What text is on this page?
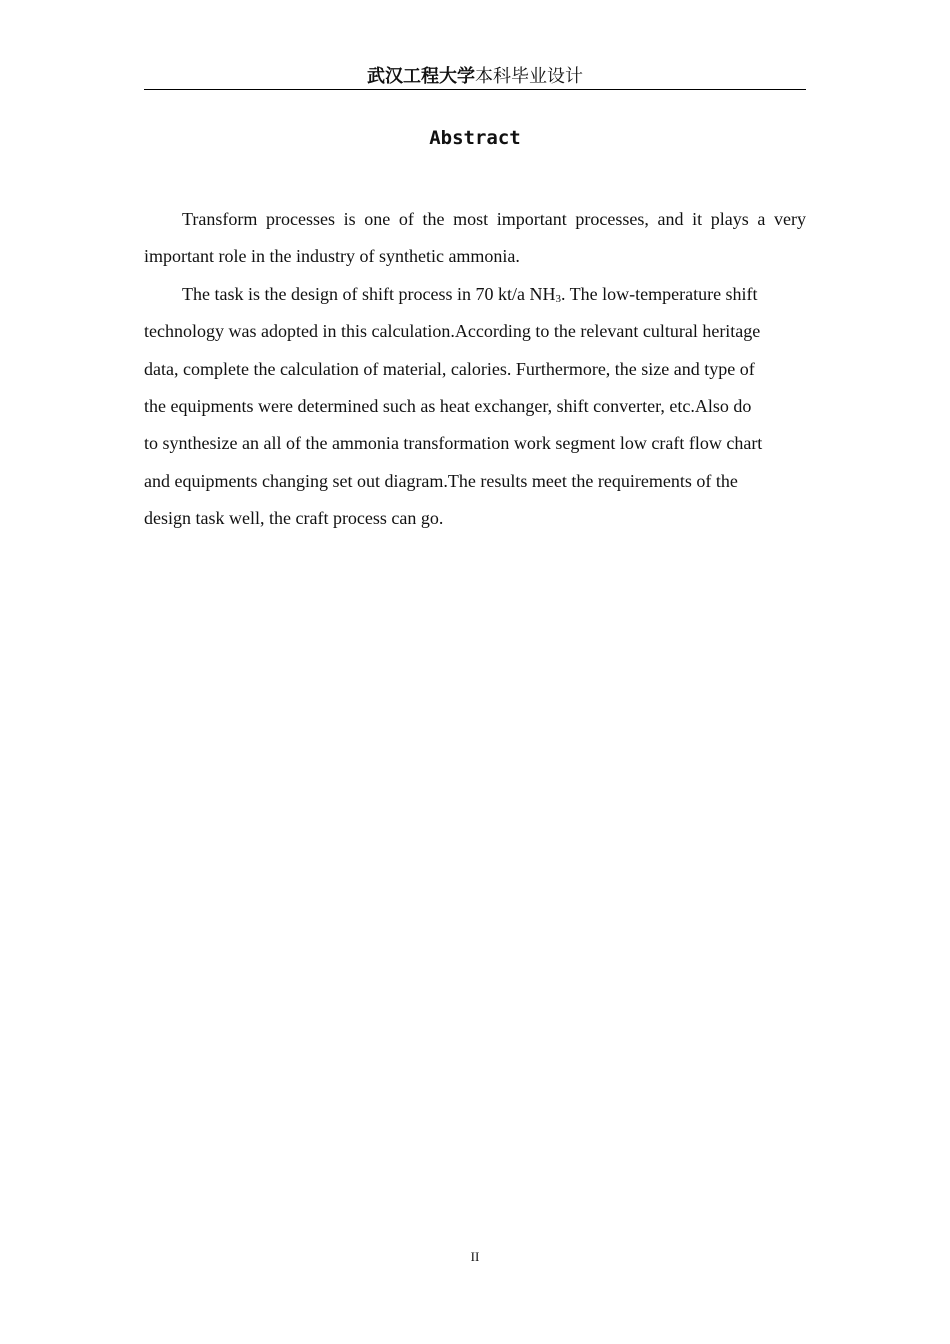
武汉工程大学本科毕业设计
Abstract

Transform processes is one of the most important processes, and it plays a very
important role in the industry of synthetic ammonia.

The task is the design of shift process in 70 kt/a $NH_3$. The low-temperature shift
technology was adopted in this calculation.According to the relevant cultural heritage
data, complete the calculation of material, calories. Furthermore, the size and type of
the equipments were determined such as heat exchanger, shift converter, etc.Also do
to synthesize an all of the ammonia transformation work segment low craft flow chart
and equipments changing set out diagram.The results meet the requirements of the
design task well, the craft process can go.

II
